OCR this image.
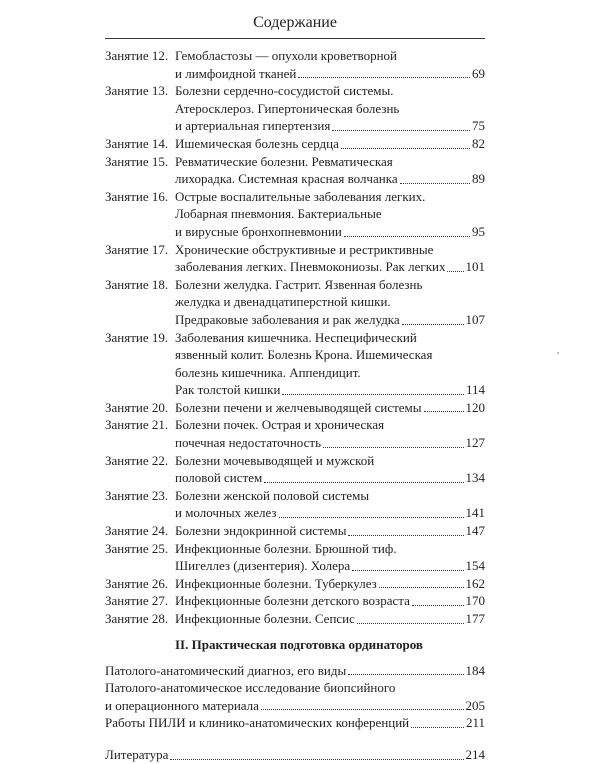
Содержание
Занятие 12. Гемобластозы — опухоли кроветворной
и лимфоидной тканей	69
Занятие 13. Болезни сердечно-сосудистой системы.
Атеросклероз. Гипертоническая болезнь
и артериальная гипертензия	75
Занятие 14. Ишемическая болезнь сердца	82
Занятие 15. Ревматические болезни. Ревматическая
лихорадка. Системная красная волчанка	89
Занятие 16. Острые воспалительные заболевания легких.
Лобарная пневмония. Бактериальные
и вирусные бронхопневмонии	95
Занятие 17. Хронические обструктивные и рестриктивные
заболевания легких. Пневмокониозы. Рак легких 101
Занятие 18. Болезни желудка. Гастрит. Язвенная болезнь
желудка и двенадцатиперстной кишки.
Предраковые заболевания и рак желудка	107
Занятие 19. Заболевания кишечника. Неспецифический
язвенный колит. Болезнь Крона. Ишемическая
болезнь кишечника. Аппендицит.
Рак толстой кишки	114
Занятие 20. Болезни печени и желчевыводящей системы	120
Занятие 21. Болезни почек. Острая и хроническая
почечная недостаточность	127
Занятие 22. Болезни мочевыводящей и мужской
половой систем	134
Занятие 23. Болезни женской половой системы
и молочных желез	141
Занятие 24. Болезни эндокринной системы	147
Занятие 25. Инфекционные болезни. Брюшной тиф.
Шигеллез (дизентерия). Холера	154
Занятие 26. Инфекционные болезни. Туберкулез	162
Занятие 27. Инфекционные болезни детского возраста	170
Занятие 28. Инфекционные болезни. Сепсис	177
II. Практическая подготовка ординаторов
Патолого-анатомический диагноз, его виды	184
Патолого-анатомическое исследование биопсийного
и операционного материала	205
Работы ПИЛИ и клинико-анатомических конференций	211
Литература	214
